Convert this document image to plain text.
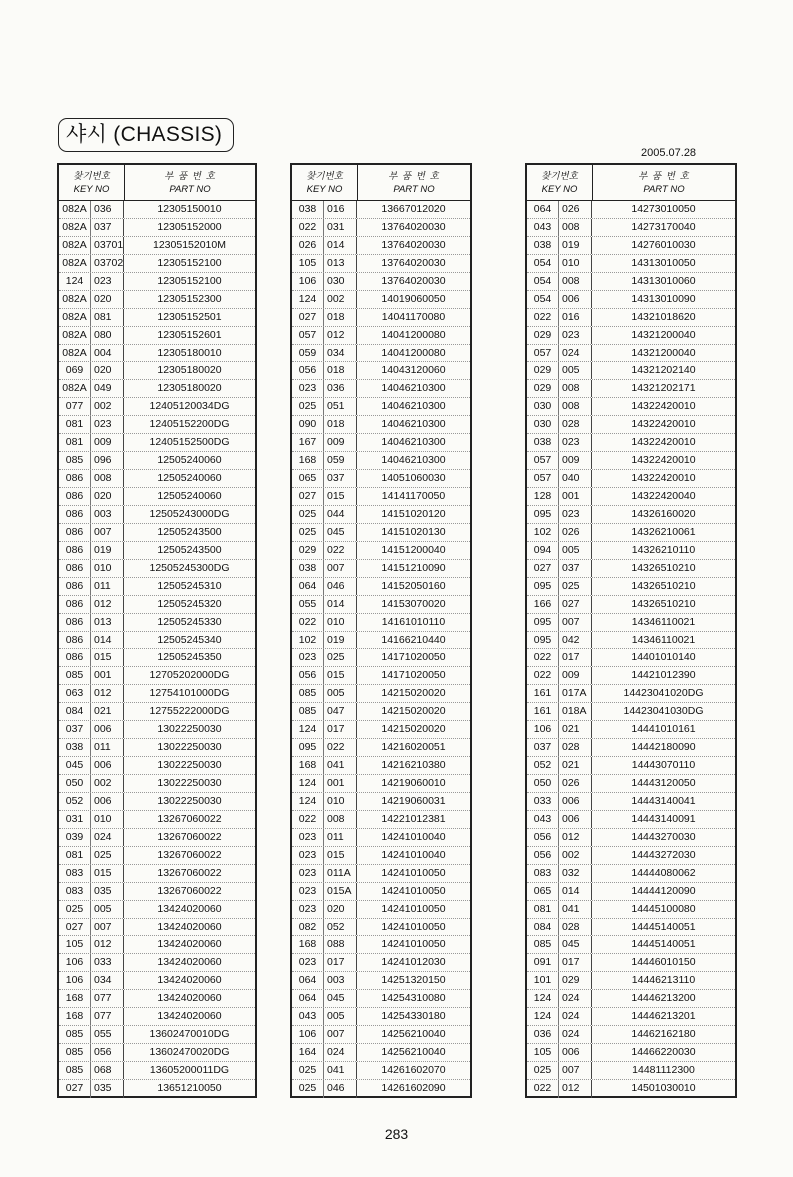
샤시 (CHASSIS)
2005.07.28
찾기번호
KEY NO
부 품 번 호
PART NO
082A 036	12305150010
082A 037	12305152000
082A 03701	12305152010M
082A 03702	12305152100
124	023	12305152100
082A 020	12305152300
082A 081	12305152501
082A 080	12305152601
082A 004	12305180010
069	020	12305180020
082A 049	12305180020
077	002	12405120034DG
081	023	12405152200DG
081	009	12405152500DG
085	096	12505240060
086	008	12505240060
086	020	12505240060
086	003	12505243000DG
086	007	12505243500
086	019	12505243500
086	010	12505245300DG
086	011	12505245310
086	012	12505245320
086	013	12505245330
086	014	12505245340
086	015	12505245350
085	001	12705202000DG
063	012	12754101000DG
084	021	12755222000DG
037	006	13022250030
038	011	13022250030
045	006	13022250030
050	002	13022250030
052	006	13022250030
031	010	13267060022
039	024	13267060022
081	025	13267060022
083	015	13267060022
083	035	13267060022
025	005	13424020060
027	007	13424020060
105	012	13424020060
106	033	13424020060
106	034	13424020060
168	077	13424020060
168	077	13424020060
085	055	13602470010DG
085	056	13602470020DG
085	068	13605200011DG
027	035	13651210050
찾기번호
KEY NO
부 품 번 호
PART NO
038	016	13667012020
022	031	13764020030
026	014	13764020030
105	013	13764020030
106	030	13764020030
124	002	14019060050
027	018	14041170080
057	012	14041200080
059	034	14041200080
056	018	14043120060
023	036	14046210300
025	051	14046210300
090	018	14046210300
167	009	14046210300
168	059	14046210300
065	037	14051060030
027	015	14141170050
025	044	14151020120
025	045	14151020130
029	022	14151200040
038	007	14151210090
064	046	14152050160
055	014	14153070020
022	010	14161010110
102	019	14166210440
023	025	14171020050
056	015	14171020050
085	005	14215020020
085	047	14215020020
124	017	14215020020
095	022	14216020051
168	041	14216210380
124	001	14219060010
124	010	14219060031
022	008	14221012381
023	011	14241010040
023	015	14241010040
023	011A	14241010050
023	015A	14241010050
023	020	14241010050
082	052	14241010050
168	088	14241010050
023	017	14241012030
064	003	14251320150
064	045	14254310080
043	005	14254330180
106	007	14256210040
164	024	14256210040
025	041	14261602070
025	046	14261602090
찾기번호
KEY NO
부 품 번 호
PART NO
064	026	14273010050
043	008	14273170040
038	019	14276010030
054	010	14313010050
054	008	14313010060
054	006	14313010090
022	016	14321018620
029	023	14321200040
057	024	14321200040
029	005	14321202140
029	008	14321202171
030	008	14322420010
030	028	14322420010
038	023	14322420010
057	009	14322420010
057	040	14322420010
128	001	14322420040
095	023	14326160020
102	026	14326210061
094	005	14326210110
027	037	14326510210
095	025	14326510210
166	027	14326510210
095	007	14346110021
095	042	14346110021
022	017	14401010140
022	009	14421012390
161	017A	14423041020DG
161	018A	14423041030DG
106	021	14441010161
037	028	14442180090
052	021	14443070110
050	026	14443120050
033	006	14443140041
043	006	14443140091
056	012	14443270030
056	002	14443272030
083	032	14444080062
065	014	14444120090
081	041	14445100080
084	028	14445140051
085	045	14445140051
091	017	14446010150
101	029	14446213110
124	024	14446213200
124	024	14446213201
036	024	14462162180
105	006	14466220030
025	007	14481112300
022	012	14501030010
283
